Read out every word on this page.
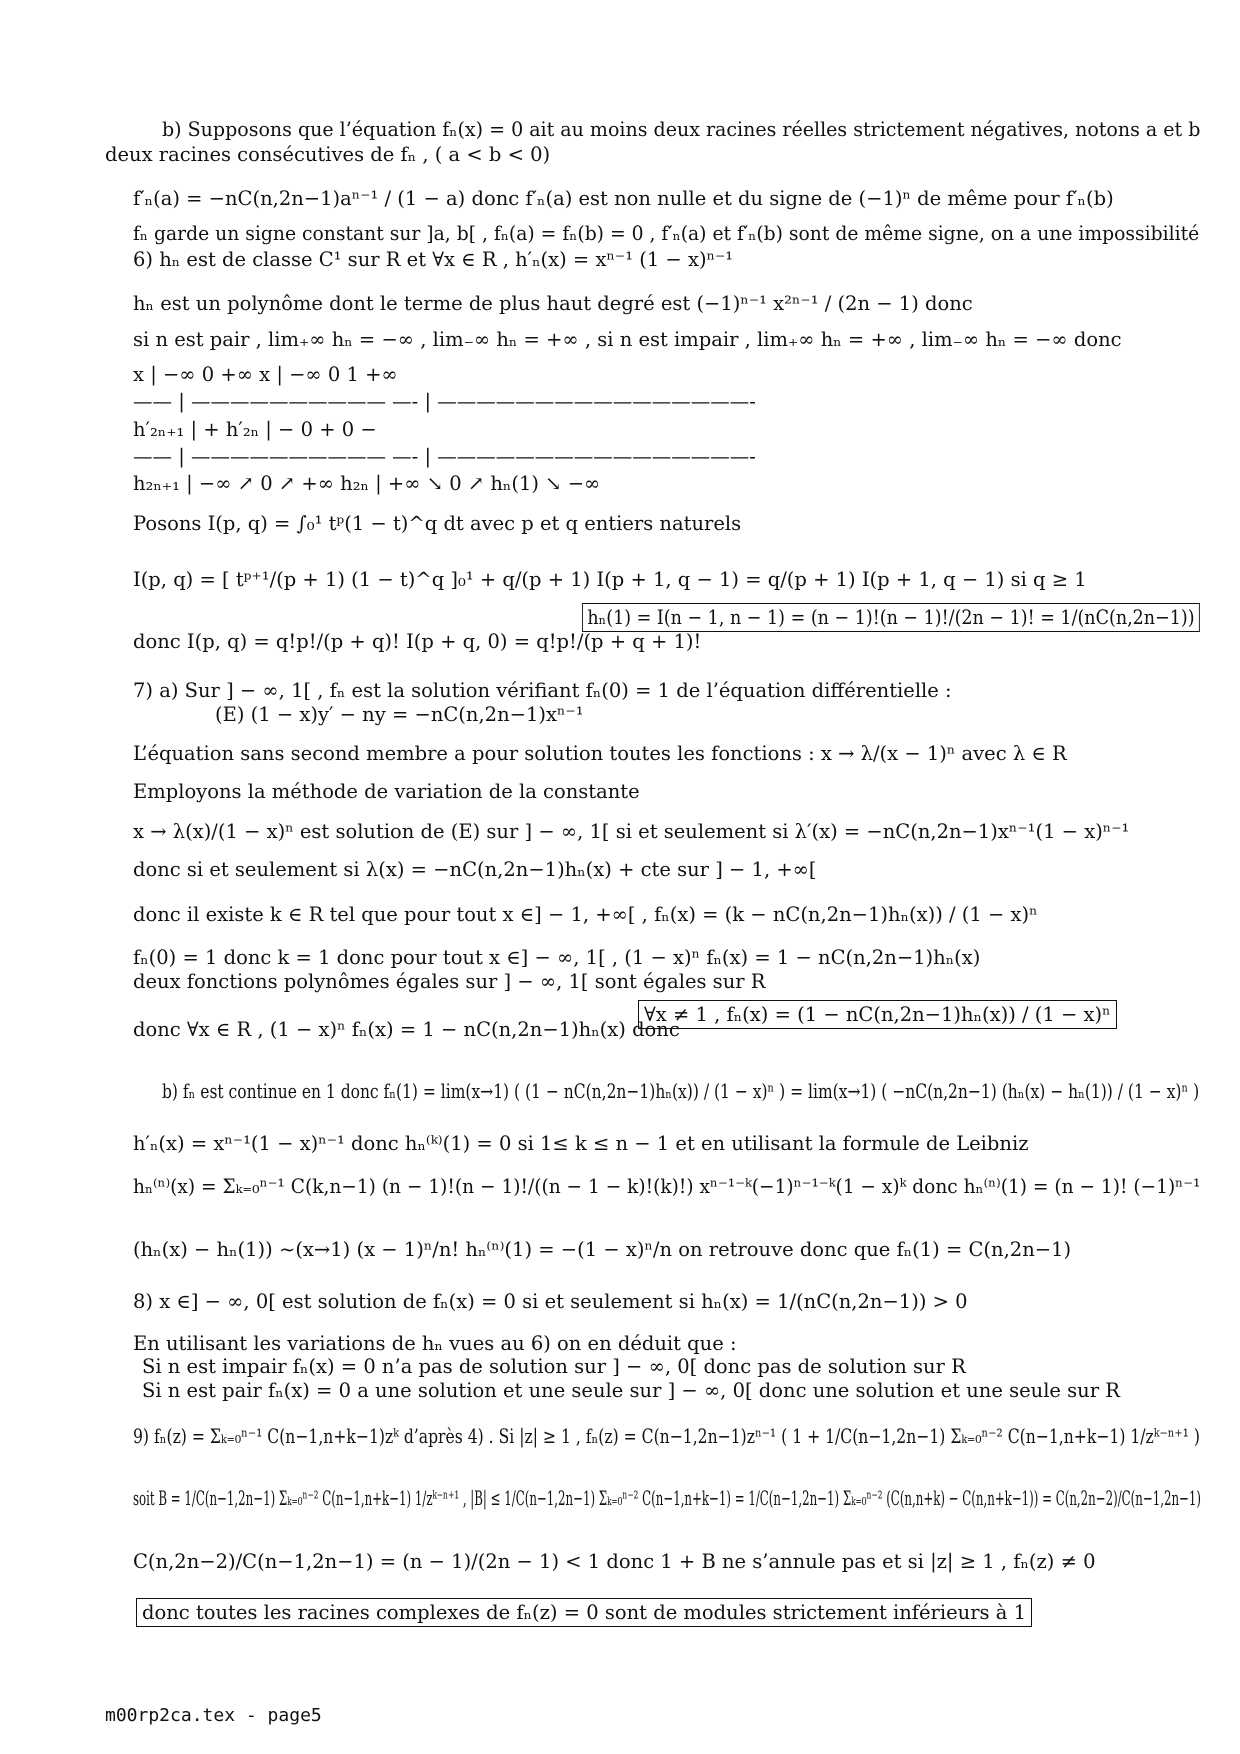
b) Supposons que l’équation fₙ(x) = 0 ait au moins deux racines réelles strictement négatives, notons a et b
deux racines consécutives de fₙ , ( a < b < 0)
f′ₙ(a) = −nC(n,2n−1)aⁿ⁻¹ / (1 − a) donc f′ₙ(a) est non nulle et du signe de (−1)ⁿ de même pour f′ₙ(b)
fₙ garde un signe constant sur ]a, b[ , fₙ(a) = fₙ(b) = 0 , f′ₙ(a) et f′ₙ(b) sont de même signe, on a une impossibilité
6) hₙ est de classe C¹ sur R et ∀x ∈ R , h′ₙ(x) = xⁿ⁻¹ (1 − x)ⁿ⁻¹
hₙ est un polynôme dont le terme de plus haut degré est (−1)ⁿ⁻¹ x²ⁿ⁻¹ / (2n − 1) donc
si n est pair , lim₊∞ hₙ = −∞ , lim₋∞ hₙ = +∞ , si n est impair , lim₊∞ hₙ = +∞ , lim₋∞ hₙ = −∞ donc
x | −∞ 0 +∞ x | −∞ 0 1 +∞
—— | —————————— —- | ————————————————-
h′₂ₙ₊₁ | + h′₂ₙ | − 0 + 0 −
—— | —————————— —- | ————————————————-
h₂ₙ₊₁ | −∞ ↗ 0 ↗ +∞ h₂ₙ | +∞ ↘ 0 ↗ hₙ(1) ↘ −∞
Posons I(p, q) = ∫₀¹ tᵖ(1 − t)^q dt avec p et q entiers naturels
I(p, q) = [ tᵖ⁺¹/(p + 1) (1 − t)^q ]₀¹ + q/(p + 1) I(p + 1, q − 1) = q/(p + 1) I(p + 1, q − 1) si q ≥ 1
donc I(p, q) = q!p!/(p + q)! I(p + q, 0) = q!p!/(p + q + 1)!
7) a) Sur ] − ∞, 1[ , fₙ est la solution vérifiant fₙ(0) = 1 de l’équation différentielle :
(E) (1 − x)y′ − ny = −nC(n,2n−1)xⁿ⁻¹
L’équation sans second membre a pour solution toutes les fonctions : x → λ/(x − 1)ⁿ avec λ ∈ R
Employons la méthode de variation de la constante
x → λ(x)/(1 − x)ⁿ est solution de (E) sur ] − ∞, 1[ si et seulement si λ′(x) = −nC(n,2n−1)xⁿ⁻¹(1 − x)ⁿ⁻¹
donc si et seulement si λ(x) = −nC(n,2n−1)hₙ(x) + cte sur ] − 1, +∞[
donc il existe k ∈ R tel que pour tout x ∈] − 1, +∞[ , fₙ(x) = (k − nC(n,2n−1)hₙ(x)) / (1 − x)ⁿ
fₙ(0) = 1 donc k = 1 donc pour tout x ∈] − ∞, 1[ , (1 − x)ⁿ fₙ(x) = 1 − nC(n,2n−1)hₙ(x)
deux fonctions polynômes égales sur ] − ∞, 1[ sont égales sur R
donc ∀x ∈ R , (1 − x)ⁿ fₙ(x) = 1 − nC(n,2n−1)hₙ(x) donc
b) fₙ est continue en 1 donc fₙ(1) = lim(x→1) ( (1 − nC(n,2n−1)hₙ(x)) / (1 − x)ⁿ ) = lim(x→1) ( −nC(n,2n−1) (hₙ(x) − hₙ(1)) / (1 − x)ⁿ )
h′ₙ(x) = xⁿ⁻¹(1 − x)ⁿ⁻¹ donc hₙ⁽ᵏ⁾(1) = 0 si 1≤ k ≤ n − 1 et en utilisant la formule de Leibniz
hₙ⁽ⁿ⁾(x) = Σₖ₌₀ⁿ⁻¹ C(k,n−1) (n − 1)!(n − 1)!/((n − 1 − k)!(k)!) xⁿ⁻¹⁻ᵏ(−1)ⁿ⁻¹⁻ᵏ(1 − x)ᵏ donc hₙ⁽ⁿ⁾(1) = (n − 1)! (−1)ⁿ⁻¹
(hₙ(x) − hₙ(1)) ∼(x→1) (x − 1)ⁿ/n! hₙ⁽ⁿ⁾(1) = −(1 − x)ⁿ/n on retrouve donc que fₙ(1) = C(n,2n−1)
8) x ∈] − ∞, 0[ est solution de fₙ(x) = 0 si et seulement si hₙ(x) = 1/(nC(n,2n−1)) > 0
En utilisant les variations de hₙ vues au 6) on en déduit que :
Si n est impair fₙ(x) = 0 n’a pas de solution sur ] − ∞, 0[ donc pas de solution sur R
Si n est pair fₙ(x) = 0 a une solution et une seule sur ] − ∞, 0[ donc une solution et une seule sur R
9) fₙ(z) = Σₖ₌₀ⁿ⁻¹ C(n−1,n+k−1)zᵏ d’après 4) . Si |z| ≥ 1 , fₙ(z) = C(n−1,2n−1)zⁿ⁻¹ ( 1 + 1/C(n−1,2n−1) Σₖ₌₀ⁿ⁻² C(n−1,n+k−1) 1/zᵏ⁻ⁿ⁺¹ )
soit B = 1/C(n−1,2n−1) Σₖ₌₀ⁿ⁻² C(n−1,n+k−1) 1/zᵏ⁻ⁿ⁺¹ , |B| ≤ 1/C(n−1,2n−1) Σₖ₌₀ⁿ⁻² C(n−1,n+k−1) = 1/C(n−1,2n−1) Σₖ₌₀ⁿ⁻² (C(n,n+k) − C(n,n+k−1)) = C(n,2n−2)/C(n−1,2n−1)
C(n,2n−2)/C(n−1,2n−1) = (n − 1)/(2n − 1) < 1 donc 1 + B ne s’annule pas et si |z| ≥ 1 , fₙ(z) ≠ 0
hₙ(1) = I(n − 1, n − 1) = (n − 1)!(n − 1)!/(2n − 1)! = 1/(nC(n,2n−1))
∀x ≠ 1 , fₙ(x) = (1 − nC(n,2n−1)hₙ(x)) / (1 − x)ⁿ
donc toutes les racines complexes de fₙ(z) = 0 sont de modules strictement inférieurs à 1
m00rp2ca.tex - page5
